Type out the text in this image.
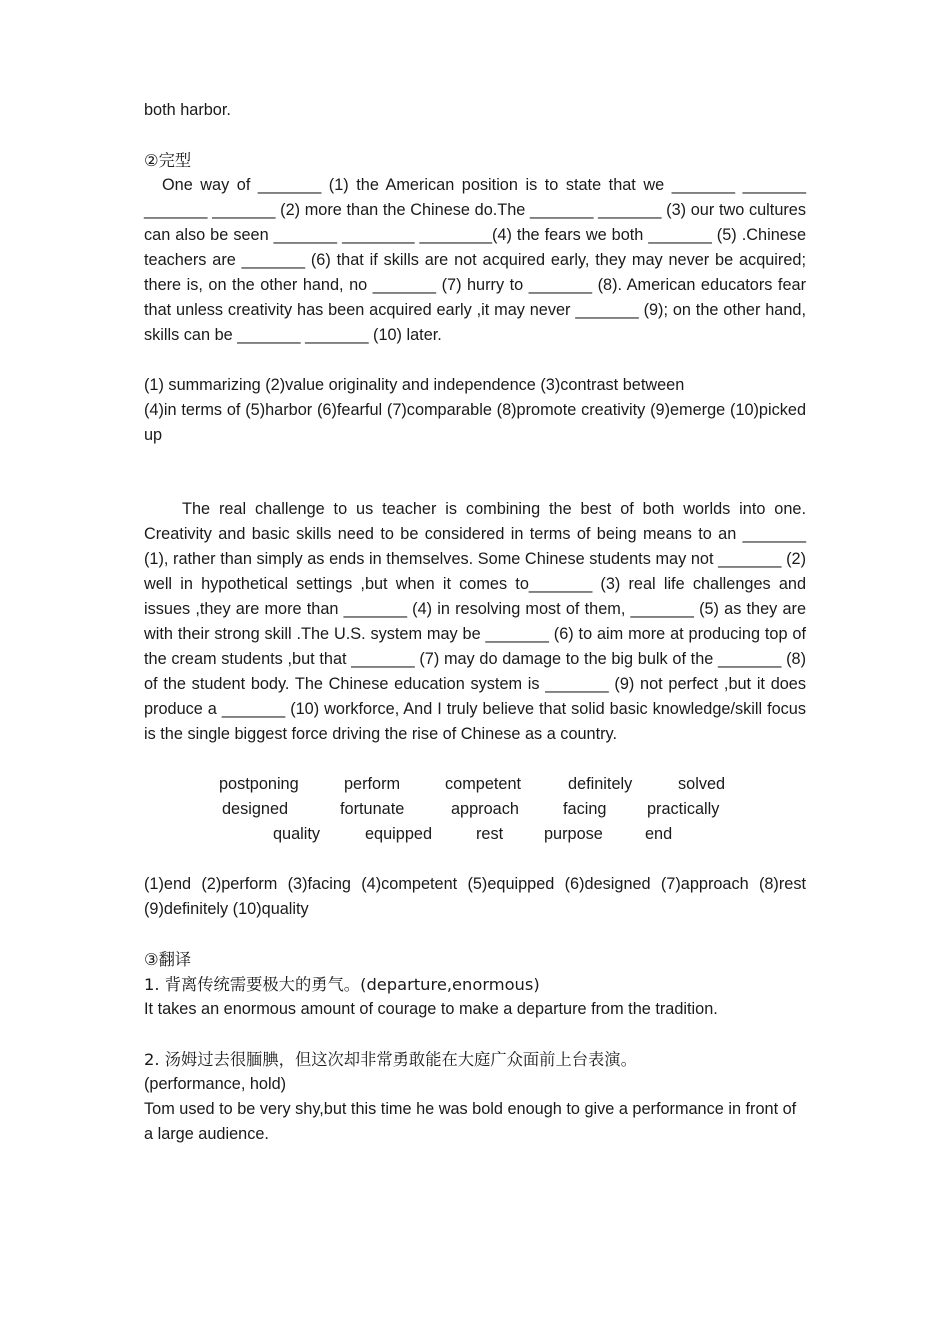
both harbor.

②完型

One way of _______ (1) the American position is to state that we _______ _______ _______ _______ (2) more than the Chinese do.The _______ _______ (3) our two cultures can also be seen _______ ________ ________(4) the fears we both _______ (5) .Chinese teachers are _______ (6) that if skills are not acquired early, they may never be acquired; there is, on the other hand, no _______ (7) hurry to _______ (8). American educators fear that unless creativity has been acquired early ,it may never _______ (9); on the other hand, skills can be _______ _______ (10) later.

(1) summarizing (2)value originality and independence (3)contrast between

(4)in terms of (5)harbor (6)fearful (7)comparable (8)promote creativity (9)emerge (10)picked up

The real challenge to us teacher is combining the best of both worlds into one. Creativity and basic skills need to be considered in terms of being means to an _______ (1), rather than simply as ends in themselves. Some Chinese students may not _______ (2) well in hypothetical settings ,but when it comes to_______ (3) real life challenges and issues ,they are more than _______ (4) in resolving most of them, _______ (5) as they are with their strong skill .The U.S. system may be _______ (6) to aim more at producing top of the cream students ,but that _______ (7) may do damage to the big bulk of the _______ (8) of the student body. The Chinese education system is _______ (9) not perfect ,but it does produce a _______ (10) workforce, And I truly believe that solid basic knowledge/skill focus is the single biggest force driving the rise of Chinese as a country.

postponing	perform	competent	definitely	solved
designed	fortunate	approach	facing	practically
quality	equipped	rest	purpose	end

(1)end (2)perform (3)facing (4)competent (5)equipped (6)designed (7)approach (8)rest (9)definitely (10)quality

③翻译

1. 背离传统需要极大的勇气。(departure,enormous)

It takes an enormous amount of courage to make a departure from the tradition.

2. 汤姆过去很腼腆，但这次却非常勇敢能在大庭广众面前上台表演。

(performance, hold)

Tom used to be very shy,but this time he was bold enough to give a performance in front of a large audience.
